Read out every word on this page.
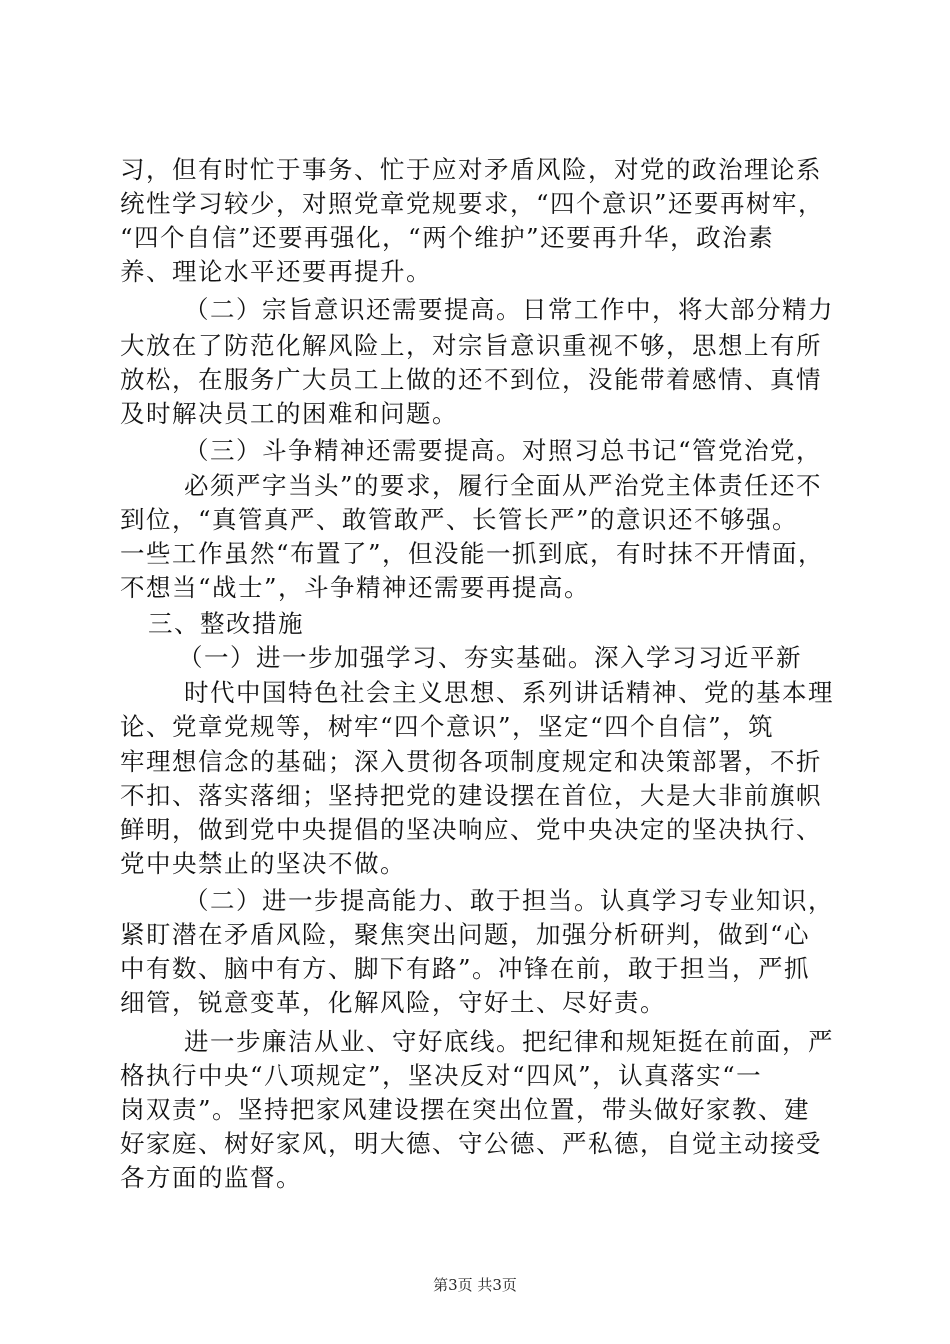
习，但有时忙于事务、忙于应对矛盾风险，对党的政治理论系
统性学习较少，对照党章党规要求，“四个意识”还要再树牢，
“四个自信”还要再强化，“两个维护”还要再升华，政治素
养、理论水平还要再提升。
（二）宗旨意识还需要提高。日常工作中，将大部分精力
大放在了防范化解风险上，对宗旨意识重视不够，思想上有所
放松，在服务广大员工上做的还不到位，没能带着感情、真情
及时解决员工的困难和问题。
（三）斗争精神还需要提高。对照习总书记“管党治党，
必须严字当头”的要求，履行全面从严治党主体责任还不
到位，“真管真严、敢管敢严、长管长严”的意识还不够强。
一些工作虽然“布置了”，但没能一抓到底，有时抹不开情面，
不想当“战士”，斗争精神还需要再提高。
三、整改措施
（一）进一步加强学习、夯实基础。深入学习习近平新
时代中国特色社会主义思想、系列讲话精神、党的基本理
论、党章党规等，树牢“四个意识”，坚定“四个自信”，筑
牢理想信念的基础；深入贯彻各项制度规定和决策部署，不折
不扣、落实落细；坚持把党的建设摆在首位，大是大非前旗帜
鲜明，做到党中央提倡的坚决响应、党中央决定的坚决执行、
党中央禁止的坚决不做。
（二）进一步提高能力、敢于担当。认真学习专业知识，
紧盯潜在矛盾风险，聚焦突出问题，加强分析研判，做到“心
中有数、脑中有方、脚下有路”。冲锋在前，敢于担当，严抓
细管，锐意变革，化解风险，守好土、尽好责。
进一步廉洁从业、守好底线。把纪律和规矩挺在前面，严
格执行中央“八项规定”，坚决反对“四风”，认真落实“一
岗双责”。坚持把家风建设摆在突出位置，带头做好家教、建
好家庭、树好家风，明大德、守公德、严私德，自觉主动接受
各方面的监督。
第3页 共3页
